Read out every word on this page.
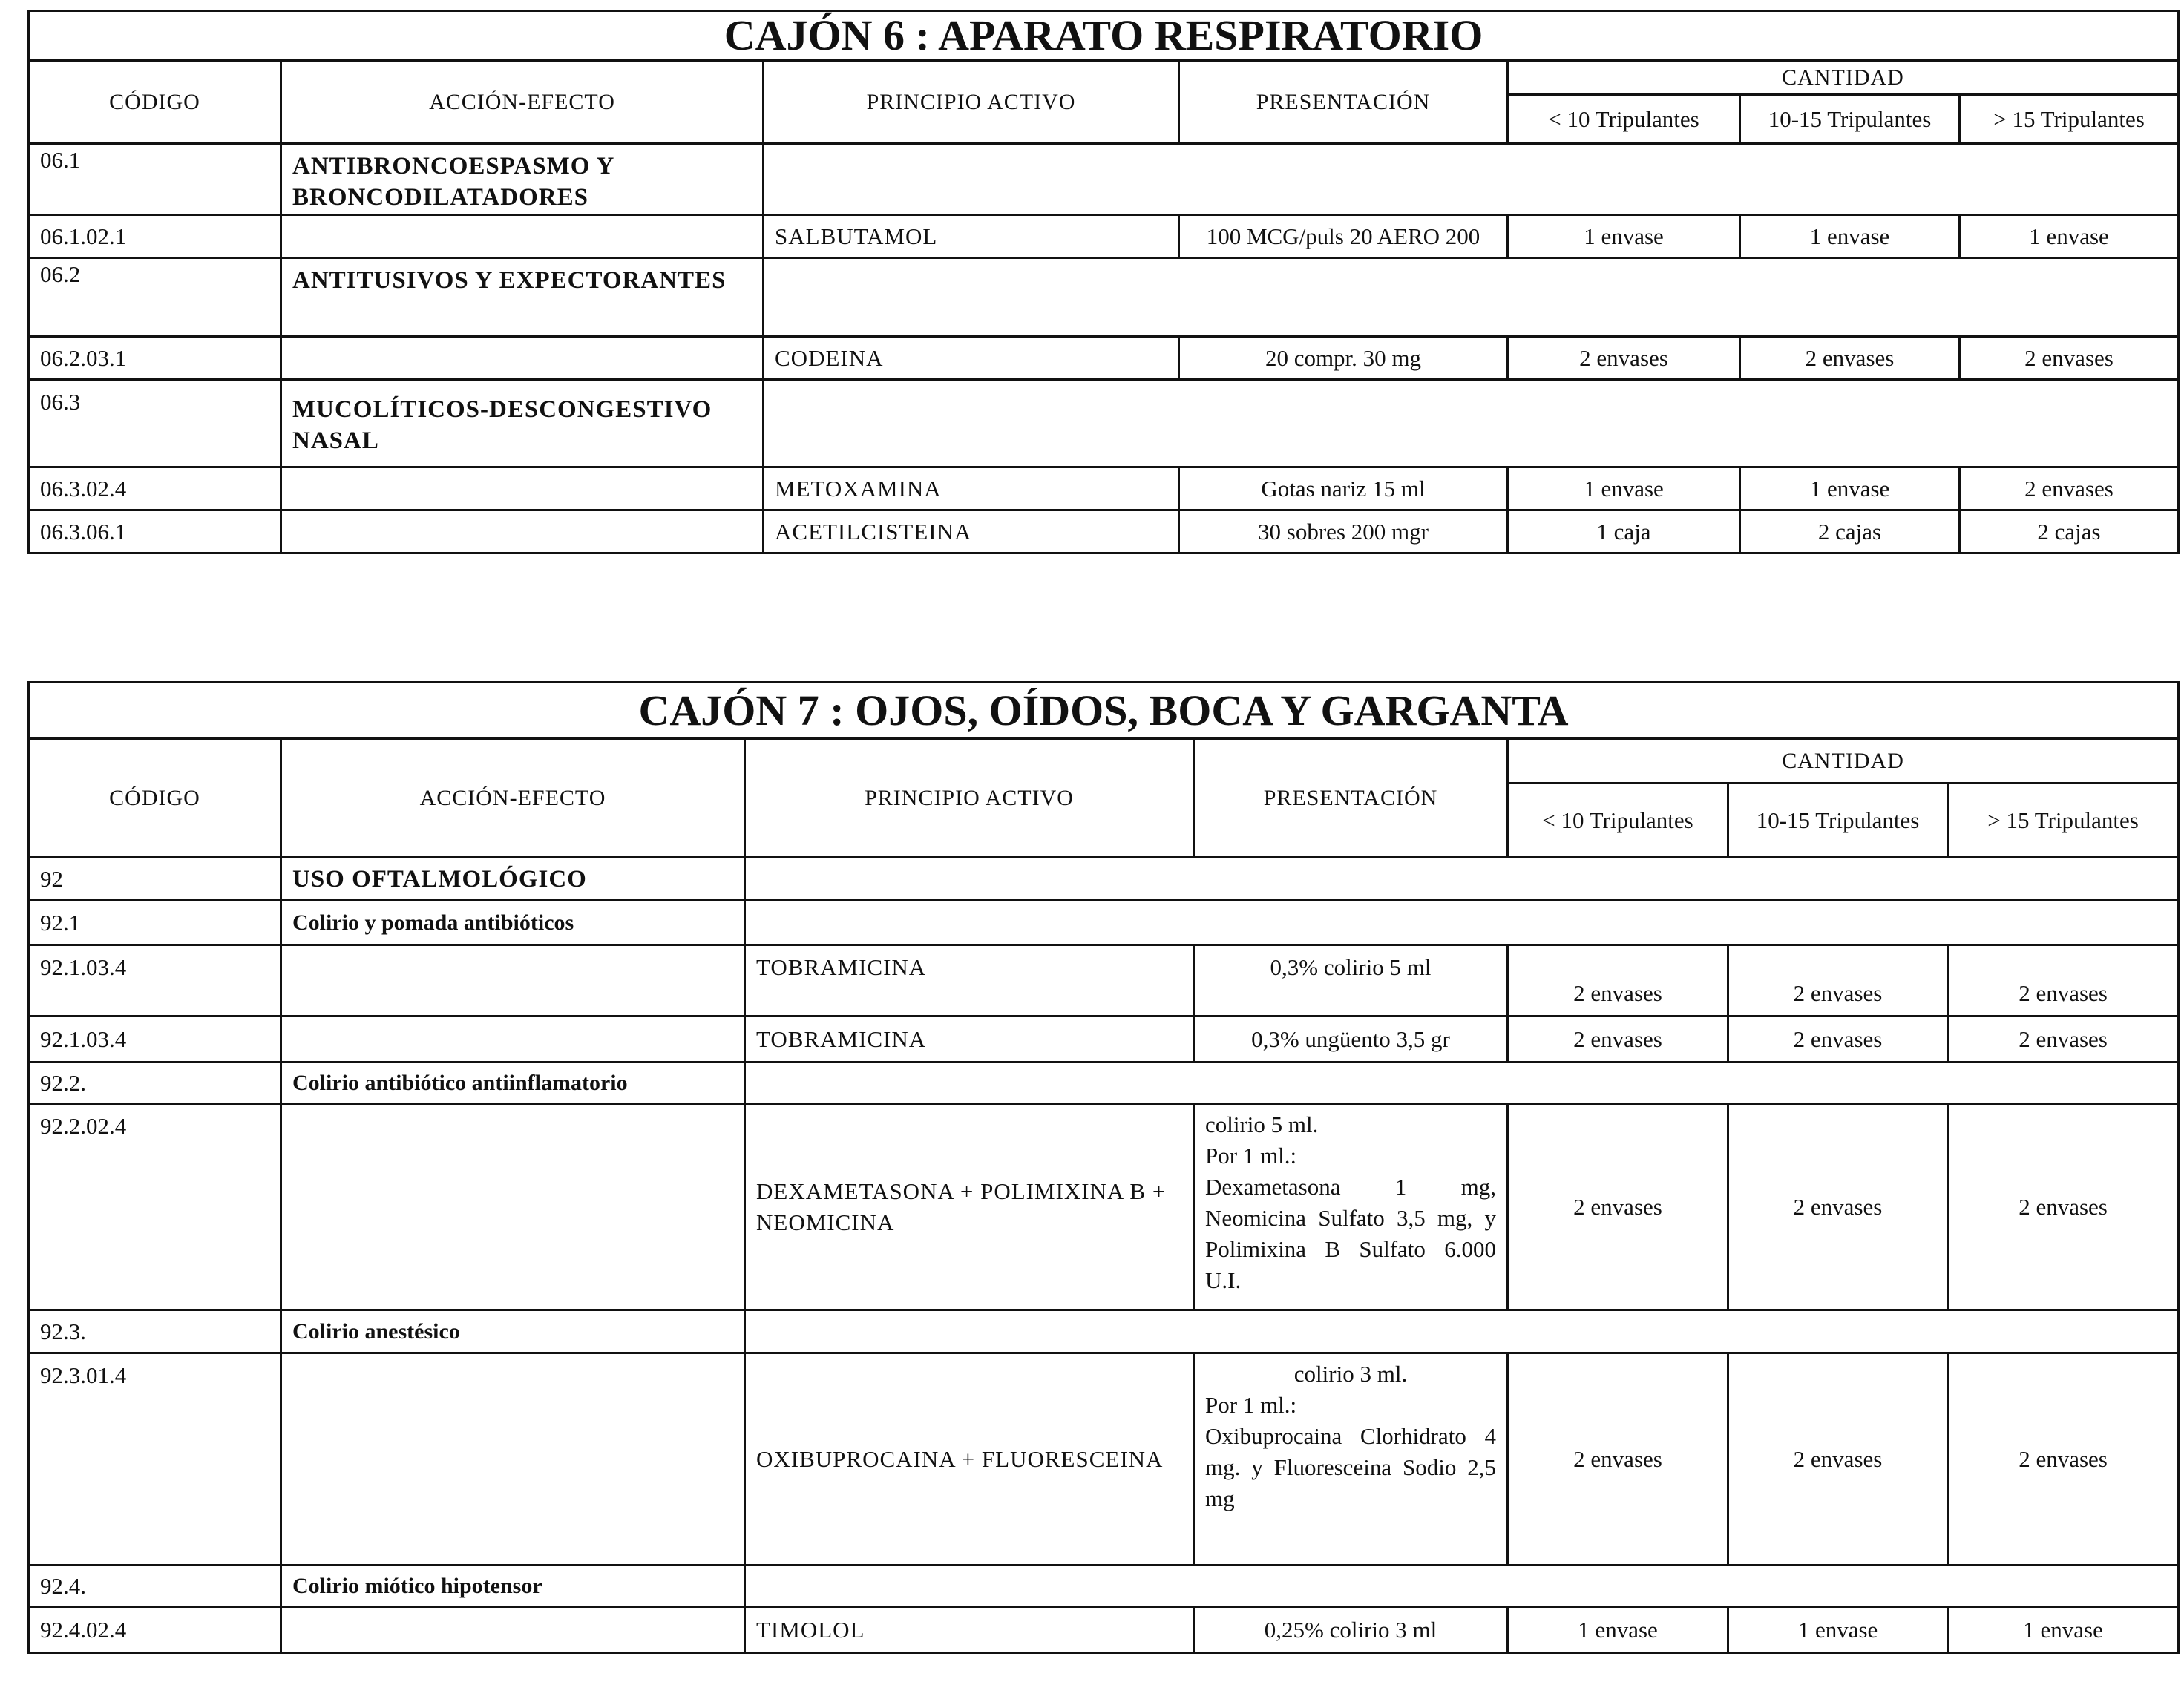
CAJÓN 6 : APARATO RESPIRATORIO						
CÓDIGO	ACCIÓN-EFECTO	PRINCIPIO ACTIVO	PRESENTACIÓN	CANTIDAD		
				< 10 Tripulantes	10-15 Tripulantes	> 15 Tripulantes
06.1	ANTIBRONCOESPASMO Y BRONCODILATADORES					
06.1.02.1		SALBUTAMOL	100 MCG/puls 20 AERO 200	1 envase	1 envase	1 envase
06.2	ANTITUSIVOS Y EXPECTORANTES					
06.2.03.1		CODEINA	20 compr. 30 mg	2 envases	2 envases	2 envases
06.3	MUCOLÍTICOS-DESCONGESTIVO NASAL					
06.3.02.4		METOXAMINA	Gotas nariz 15 ml	1 envase	1 envase	2 envases
06.3.06.1		ACETILCISTEINA	30 sobres 200 mgr	1 caja	2 cajas	2 cajas
CAJÓN 7 : OJOS, OÍDOS, BOCA Y GARGANTA						
CÓDIGO	ACCIÓN-EFECTO	PRINCIPIO ACTIVO	PRESENTACIÓN	CANTIDAD		
				< 10 Tripulantes	10-15 Tripulantes	> 15 Tripulantes
92	USO OFTALMOLÓGICO					
92.1	Colirio y pomada antibióticos					
92.1.03.4		TOBRAMICINA	0,3% colirio 5 ml	2 envases	2 envases	2 envases
92.1.03.4		TOBRAMICINA	0,3% ungüento 3,5 gr	2 envases	2 envases	2 envases
92.2.	Colirio antibiótico antiinflamatorio					
92.2.02.4		DEXAMETASONA + POLIMIXINA B + NEOMICINA	colirio 5 ml.
Por 1 ml.:
Dexametasona 1 mg, Neomicina Sulfato 3,5 mg, y Polimixina B Sulfato 6.000 U.I.	2 envases	2 envases	2 envases
92.3.	Colirio anestésico					
92.3.01.4		OXIBUPROCAINA + FLUORESCEINA	colirio 3 ml.
Por 1 ml.:
Oxibuprocaina Clorhidrato 4 mg. y Fluoresceina Sodio 2,5 mg	2 envases	2 envases	2 envases
92.4.	Colirio miótico hipotensor					
92.4.02.4		TIMOLOL	0,25% colirio 3 ml	1 envase	1 envase	1 envase
